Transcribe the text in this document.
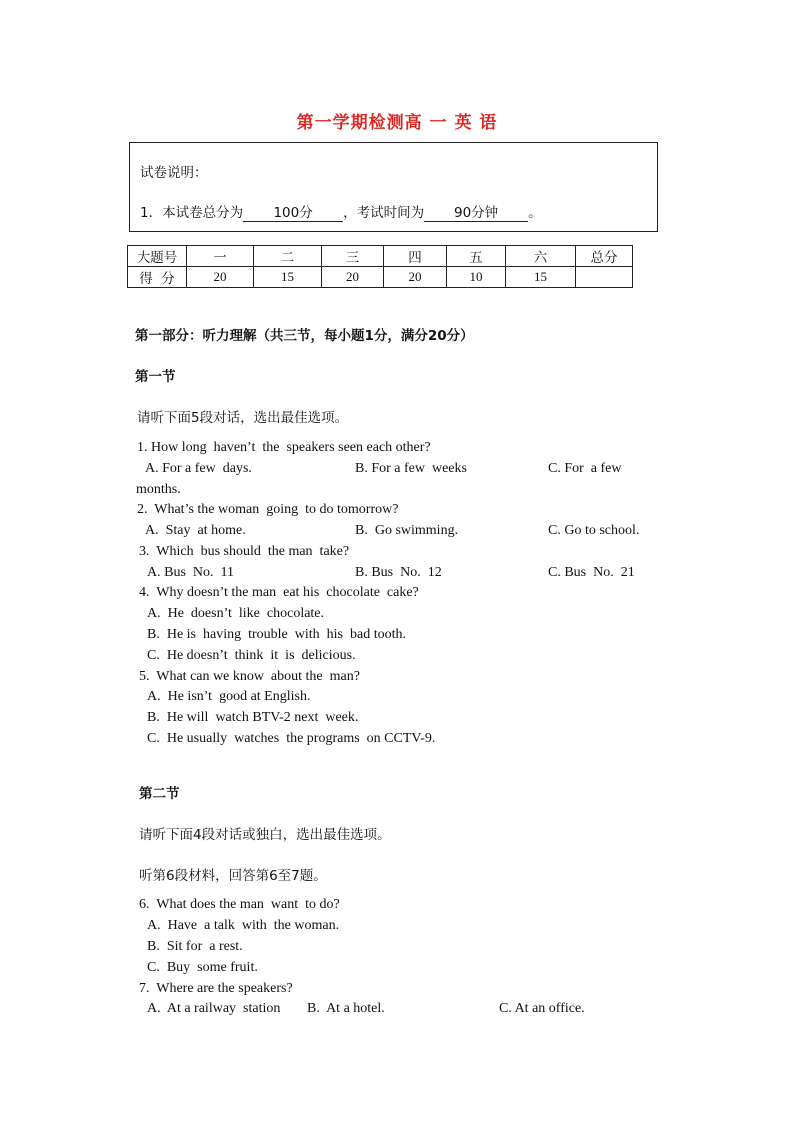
第一学期检测高 一 英 语
试卷说明：
1．本试卷总分为 100分 ，考试时间为 90分钟 。
大题号	一	二	三	四	五	六	总分
得  分	20	15	20	20	10	15	
第一部分：听力理解（共三节，每小题1分，满分20分）
第一节
请听下面5段对话，选出最佳选项。
1. How long  haven’t  the  speakers seen each other?
A. For a few  days.	B. For a few  weeks	C. For  a few
months.
2.  What’s the woman  going  to do tomorrow?
A.  Stay  at home.	B.  Go swimming.	C. Go to school.
3.  Which  bus should  the man  take?
A. Bus  No.  11	B. Bus  No.  12	C. Bus  No.  21
4.  Why doesn’t the man  eat his  chocolate  cake?
A.  He  doesn’t  like  chocolate.
B.  He is  having  trouble  with  his  bad tooth.
C.  He doesn’t  think  it  is  delicious.
5.  What can we know  about the  man?
A.  He isn’t  good at English.
B.  He will  watch BTV-2 next  week.
C.  He usually  watches  the programs  on CCTV-9.
第二节
请听下面4段对话或独白，选出最佳选项。
听第6段材料，回答第6至7题。
6.  What does the man  want  to do?
A.  Have  a talk  with  the woman.
B.  Sit for  a rest.
C.  Buy  some fruit.
7.  Where are the speakers?
A.  At a railway  station B.  At a hotel.	C. At an office.
